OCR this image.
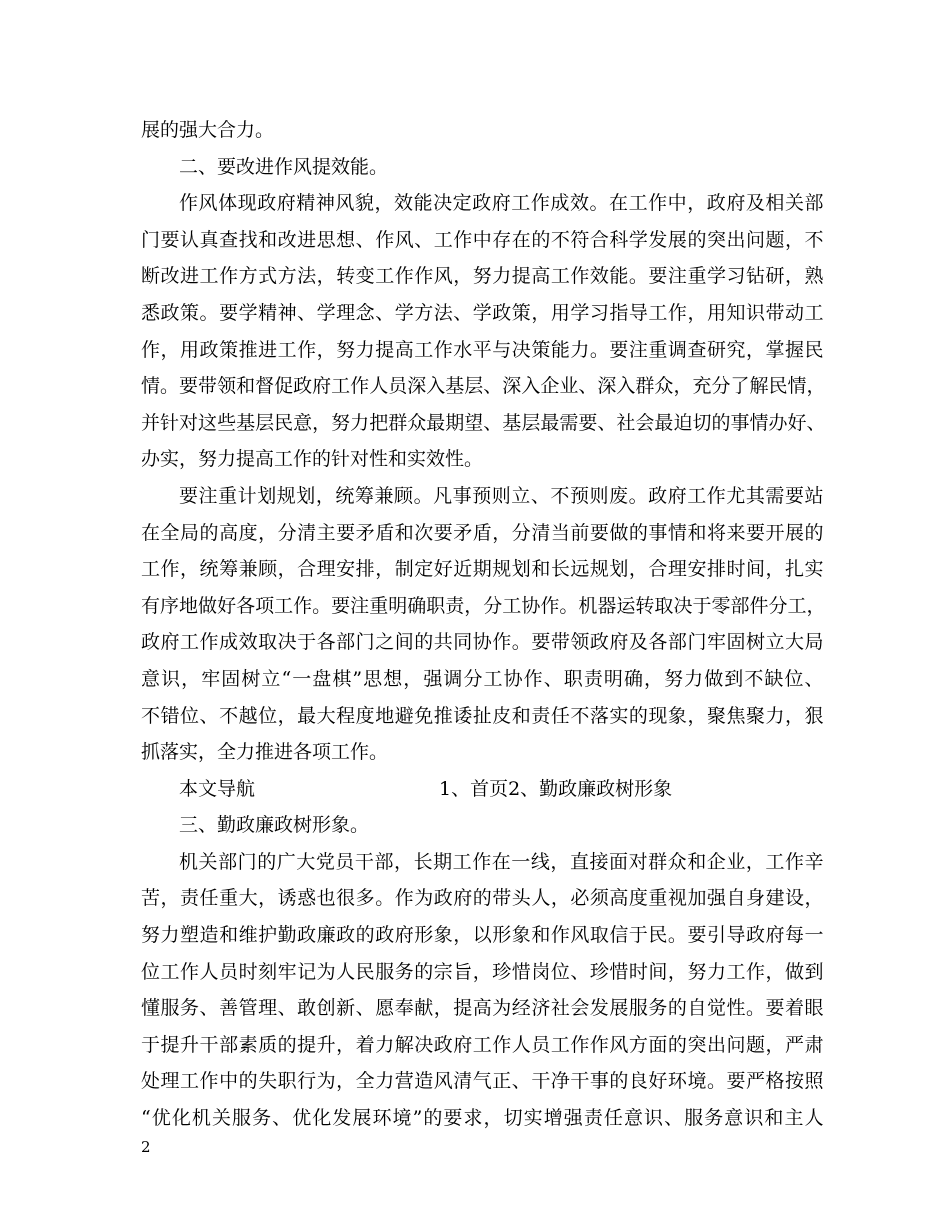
展的强大合力。
二、要改进作风提效能。
作 风 体 现 政 府 精 神 风 貌 ， 效 能 决 定 政 府 工 作 成 效 。 在 工 作 中 ， 政 府 及 相 关 部
门 要 认 真 查 找 和 改 进 思 想 、 作 风 、 工 作 中 存 在 的 不 符 合 科 学 发 展 的 突 出 问 题 ， 不
断 改 进 工 作 方 式 方 法 ， 转 变 工 作 作 风 ， 努 力 提 高 工 作 效 能 。 要 注 重 学 习 钻 研 ， 熟
悉 政 策 。 要 学 精 神 、 学 理 念 、 学 方 法 、 学 政 策 ， 用 学 习 指 导 工 作 ， 用 知 识 带 动 工
作 ， 用 政 策 推 进 工 作 ， 努 力 提 高 工 作 水 平 与 决 策 能 力 。 要 注 重 调 查 研 究 ， 掌 握 民
情 。 要 带 领 和 督 促 政 府 工 作 人 员 深 入 基 层 、 深 入 企 业 、 深 入 群 众 ， 充 分 了 解 民 情 ，
并 针 对 这 些 基 层 民 意 ， 努 力 把 群 众 最 期 望 、 基 层 最 需 要 、 社 会 最 迫 切 的 事 情 办 好 、
办实，努力提高工作的针对性和实效性。
要 注 重 计 划 规 划 ， 统 筹 兼 顾 。 凡 事 预 则 立 、 不 预 则 废 。 政 府 工 作 尤 其 需 要 站
在 全 局 的 高 度 ， 分 清 主 要 矛 盾 和 次 要 矛 盾 ， 分 清 当 前 要 做 的 事 情 和 将 来 要 开 展 的
工 作 ， 统 筹 兼 顾 ， 合 理 安 排 ， 制 定 好 近 期 规 划 和 长 远 规 划 ， 合 理 安 排 时 间 ， 扎 实
有 序 地 做 好 各 项 工 作 。 要 注 重 明 确 职 责 ， 分 工 协 作 。 机 器 运 转 取 决 于 零 部 件 分 工 ，
政 府 工 作 成 效 取 决 于 各 部 门 之 间 的 共 同 协 作 。 要 带 领 政 府 及 各 部 门 牢 固 树 立 大 局
意 识 ， 牢 固 树 立 “ 一 盘 棋 ” 思 想 ， 强 调 分 工 协 作 、 职 责 明 确 ， 努 力 做 到 不 缺 位 、
不 错 位 、 不 越 位 ， 最 大 程 度 地 避 免 推 诿 扯 皮 和 责 任 不 落 实 的 现 象 ， 聚 焦 聚 力 ， 狠
抓落实，全力推进各项工作。
本文导航	1、首页2、勤政廉政树形象
三、勤政廉政树形象。
机 关 部 门 的 广 大 党 员 干 部 ， 长 期 工 作 在 一 线 ， 直 接 面 对 群 众 和 企 业 ， 工 作 辛
苦 ， 责 任 重 大 ， 诱 惑 也 很 多 。 作 为 政 府 的 带 头 人 ， 必 须 高 度 重 视 加 强 自 身 建 设 ，
努 力 塑 造 和 维 护 勤 政 廉 政 的 政 府 形 象 ， 以 形 象 和 作 风 取 信 于 民 。 要 引 导 政 府 每 一
位 工 作 人 员 时 刻 牢 记 为 人 民 服 务 的 宗 旨 ， 珍 惜 岗 位 、 珍 惜 时 间 ， 努 力 工 作 ， 做 到
懂 服 务 、 善 管 理 、 敢 创 新 、 愿 奉 献 ， 提 高 为 经 济 社 会 发 展 服 务 的 自 觉 性 。 要 着 眼
于 提 升 干 部 素 质 的 提 升 ， 着 力 解 决 政 府 工 作 人 员 工 作 作 风 方 面 的 突 出 问 题 ， 严 肃
处 理 工 作 中 的 失 职 行 为 ， 全 力 营 造 风 清 气 正 、 干 净 干 事 的 良 好 环 境 。 要 严 格 按 照
“ 优 化 机 关 服 务 、 优 化 发 展 环 境 ” 的 要 求 ， 切 实 增 强 责 任 意 识 、 服 务 意 识 和 主 人
2
